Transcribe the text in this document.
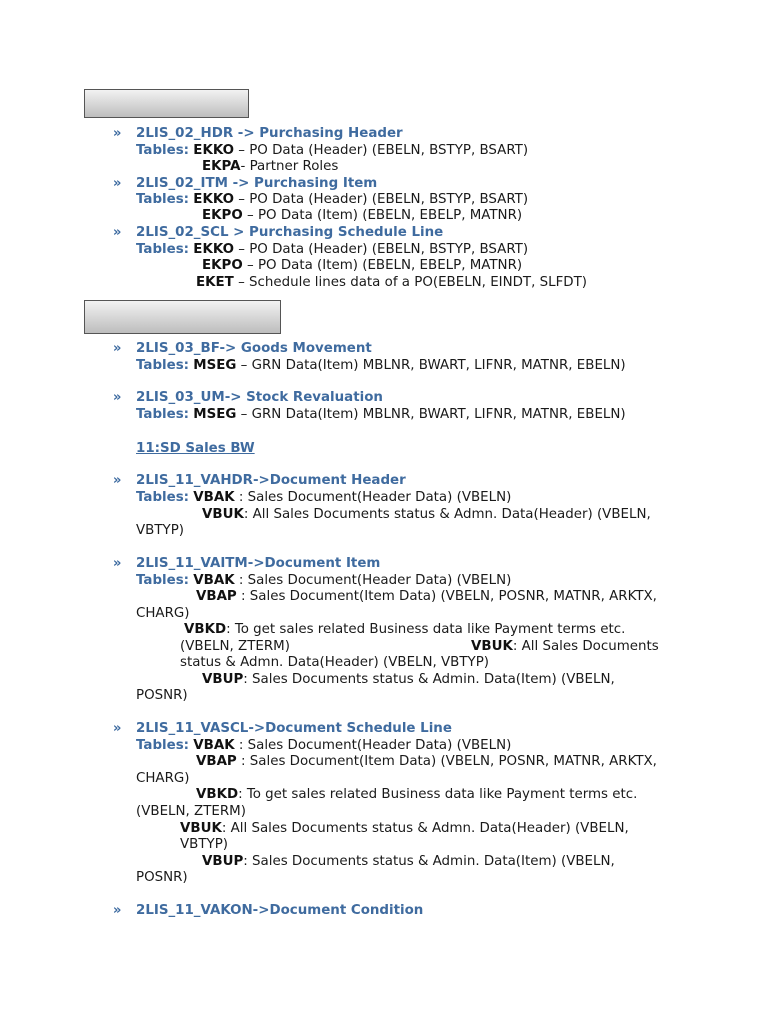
» 2LIS_02_HDR -> Purchasing Header
Tables: EKKO – PO Data (Header) (EBELN, BSTYP, BSART)
EKPA- Partner Roles
» 2LIS_02_ITM -> Purchasing Item
Tables: EKKO – PO Data (Header) (EBELN, BSTYP, BSART)
EKPO – PO Data (Item) (EBELN, EBELP, MATNR)
» 2LIS_02_SCL > Purchasing Schedule Line
Tables: EKKO – PO Data (Header) (EBELN, BSTYP, BSART)
EKPO – PO Data (Item) (EBELN, EBELP, MATNR)
EKET – Schedule lines data of a PO(EBELN, EINDT, SLFDT)
» 2LIS_03_BF-> Goods Movement
Tables: MSEG – GRN Data(Item) MBLNR, BWART, LIFNR, MATNR, EBELN)
» 2LIS_03_UM-> Stock Revaluation
Tables: MSEG – GRN Data(Item) MBLNR, BWART, LIFNR, MATNR, EBELN)
11:SD Sales BW
» 2LIS_11_VAHDR->Document Header
Tables: VBAK : Sales Document(Header Data) (VBELN)
VBUK: All Sales Documents status & Admn. Data(Header) (VBELN,
VBTYP)
» 2LIS_11_VAITM->Document Item
Tables: VBAK : Sales Document(Header Data) (VBELN)
VBAP : Sales Document(Item Data) (VBELN, POSNR, MATNR, ARKTX,
CHARG)
VBKD: To get sales related Business data like Payment terms etc.
(VBELN, ZTERM)	VBUK: All Sales Documents
status & Admn. Data(Header) (VBELN, VBTYP)
VBUP: Sales Documents status & Admin. Data(Item) (VBELN,
POSNR)
» 2LIS_11_VASCL->Document Schedule Line
Tables: VBAK : Sales Document(Header Data) (VBELN)
VBAP : Sales Document(Item Data) (VBELN, POSNR, MATNR, ARKTX,
CHARG)
VBKD: To get sales related Business data like Payment terms etc.
(VBELN, ZTERM)
VBUK: All Sales Documents status & Admn. Data(Header) (VBELN,
VBTYP)
VBUP: Sales Documents status & Admin. Data(Item) (VBELN,
POSNR)
» 2LIS_11_VAKON->Document Condition
